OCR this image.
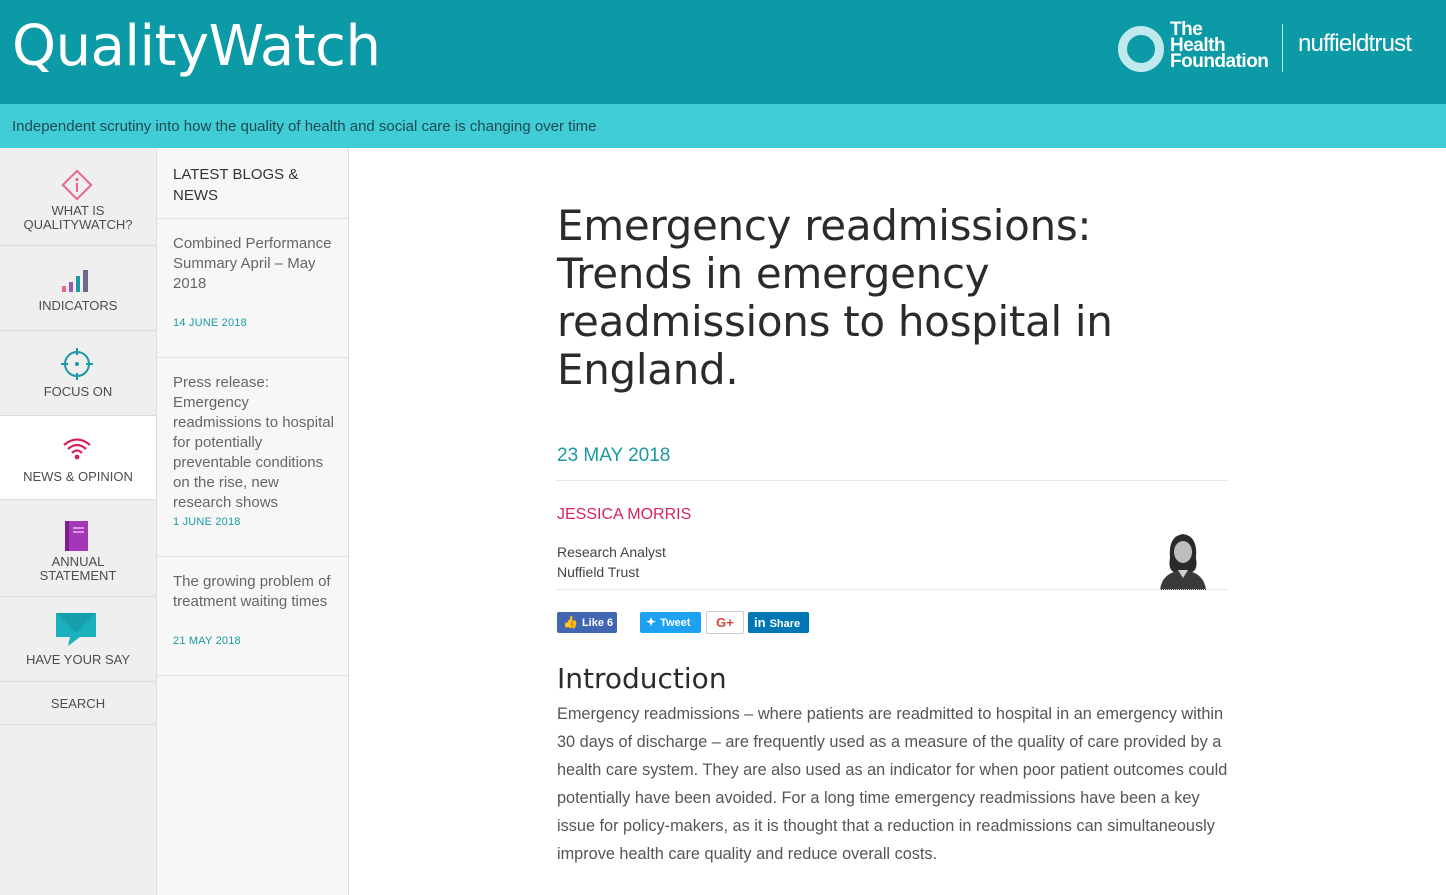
QualityWatch	The
Health
Foundation
nuffieldtrust
Independent scrutiny into how the quality of health and social care is changing over time
WHAT IS QUALITYWATCH?
INDICATORS
FOCUS ON
NEWS & OPINION
ANNUAL STATEMENT
HAVE YOUR SAY
SEARCH
LATEST BLOGS & NEWS
Combined Performance Summary April – May 2018
14 JUNE 2018
Press release: Emergency readmissions to hospital for potentially preventable conditions on the rise, new research shows
1 JUNE 2018
The growing problem of treatment waiting times
21 MAY 2018
Emergency readmissions: Trends in emergency readmissions to hospital in England.
23 MAY 2018
JESSICA MORRIS
Research Analyst
Nuffield Trust
👍 Like 6	✦ Tweet	G+	in Share
Introduction

Emergency readmissions – where patients are readmitted to hospital in an emergency within 30 days of discharge – are frequently used as a measure of the quality of care provided by a health care system. They are also used as an indicator for when poor patient outcomes could potentially have been avoided. For a long time emergency readmissions have been a key issue for policy-makers, as it is thought that a reduction in readmissions can simultaneously improve health care quality and reduce overall costs.
